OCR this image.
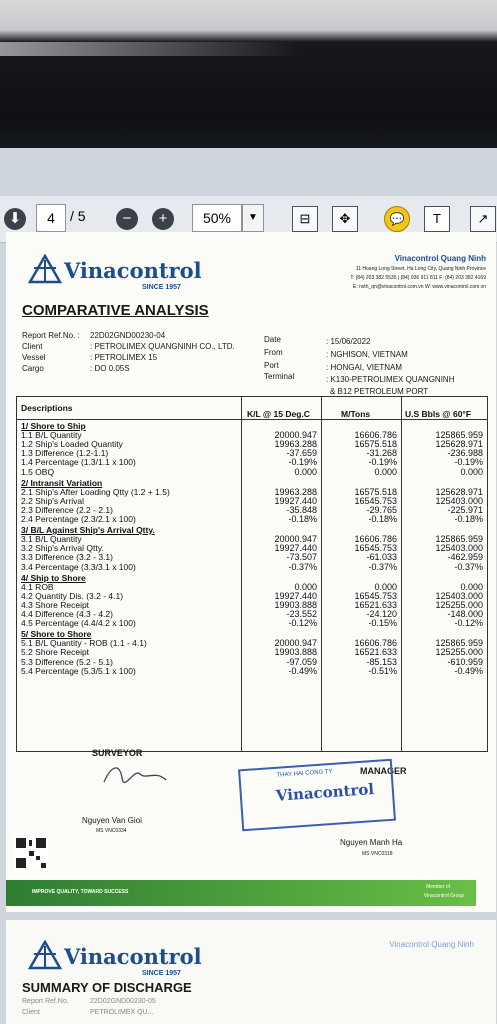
⬇	4	/ 5	−	+	50%	▼	⊟	✥	T
💬	↗
Vinacontrol
SINCE 1957
Vinacontrol Quang Ninh
11 Hoang Long Street, Ha Long City, Quang Ninh Province
T: (84) 203 382 5535 | (84) 936 911 811 F: (84) 203 382 4169
E: nxth_qn@vinacontrol.com.vn W: www.vinacontrol.com.vn
COMPARATIVE ANALYSIS
Report Ref.No. : 22D02GND00230-04
Client	: PETROLIMEX QUANGNINH CO., LTD.
Vessel	: PETROLIMEX 15
Cargo	: DO 0.05S
Date	: 15/06/2022
From	: NGHISON, VIETNAM
Port	: HONGAI, VIETNAM
Terminal	: K130-PETROLIMEX QUANGNINH
& B12 PETROLEUM PORT
Descriptions
K/L @ 15 Deg.C	M/Tons	U.S Bbls @ 60°F
1/ Shore to Ship
1.1 B/L Quantity	20000.947	16606.786	125865.959
1.2 Ship's Loaded Quantity	19963.288	16575.518	125628.971
1.3 Difference (1.2-1.1)	-37.659	-31.268	-236.988
1.4 Percentage (1.3/1.1 x 100)	-0.19%	-0.19%	-0.19%
1.5 OBQ	0.000	0.000	0.000
2/ Intransit Variation
2.1 Ship's After Loading Qtty (1.2 + 1.5)	19963.288	16575.518	125628.971
2.2 Ship's Arrival	19927.440	16545.753	125403.000
2.3 Difference (2.2 - 2.1)	-35.848	-29.765	-225.971
2.4 Percentage (2.3/2.1 x 100)	-0.18%	-0.18%	-0.18%
3/ B/L Against Ship's Arrival Qtty.
3.1 B/L Quantity	20000.947	16606.786	125865.959
3.2 Ship's Arrival Qtty.	19927.440	16545.753	125403.000
3.3 Difference (3.2 - 3.1)	-73.507	-61.033	-462.959
3.4 Percentage (3.3/3.1 x 100)	-0.37%	-0.37%	-0.37%
4/ Ship to Shore
4.1 ROB	0.000	0.000	0.000
4.2 Quantity Dis. (3.2 - 4.1)	19927.440	16545.753	125403.000
4.3 Shore Receipt	19903.888	16521.633	125255.000
4.4 Difference (4.3 - 4.2)	-23.552	-24.120	-148.000
4.5 Percentage (4.4/4.2 x 100)	-0.12%	-0.15%	-0.12%
5/ Shore to Shore
5.1 B/L Quantity - ROB (1.1 - 4.1)	20000.947	16606.786	125865.959
5.2 Shore Receipt	19903.888	16521.633	125255.000
5.3 Difference (5.2 - 5.1)	-97.059	-85.153	-610.959
5.4 Percentage (5.3/5.1 x 100)	-0.49%	-0.51%	-0.49%
SURVEYOR
MANAGER
Nguyen Van Gioi
MS VNC0334
THAY HAI CONG TY
Vinacontrol
Nguyen Manh Ha
MS VNC0318
IMPROVE QUALITY, TOWARD SUCCESS
Member of
Vinacontrol Group
Vinacontrol
SINCE 1957
Vinacontrol Quang Ninh
SUMMARY OF DISCHARGE
Report Ref.No.	22D02GND00230-05
Client	PETROLIMEX QU...
